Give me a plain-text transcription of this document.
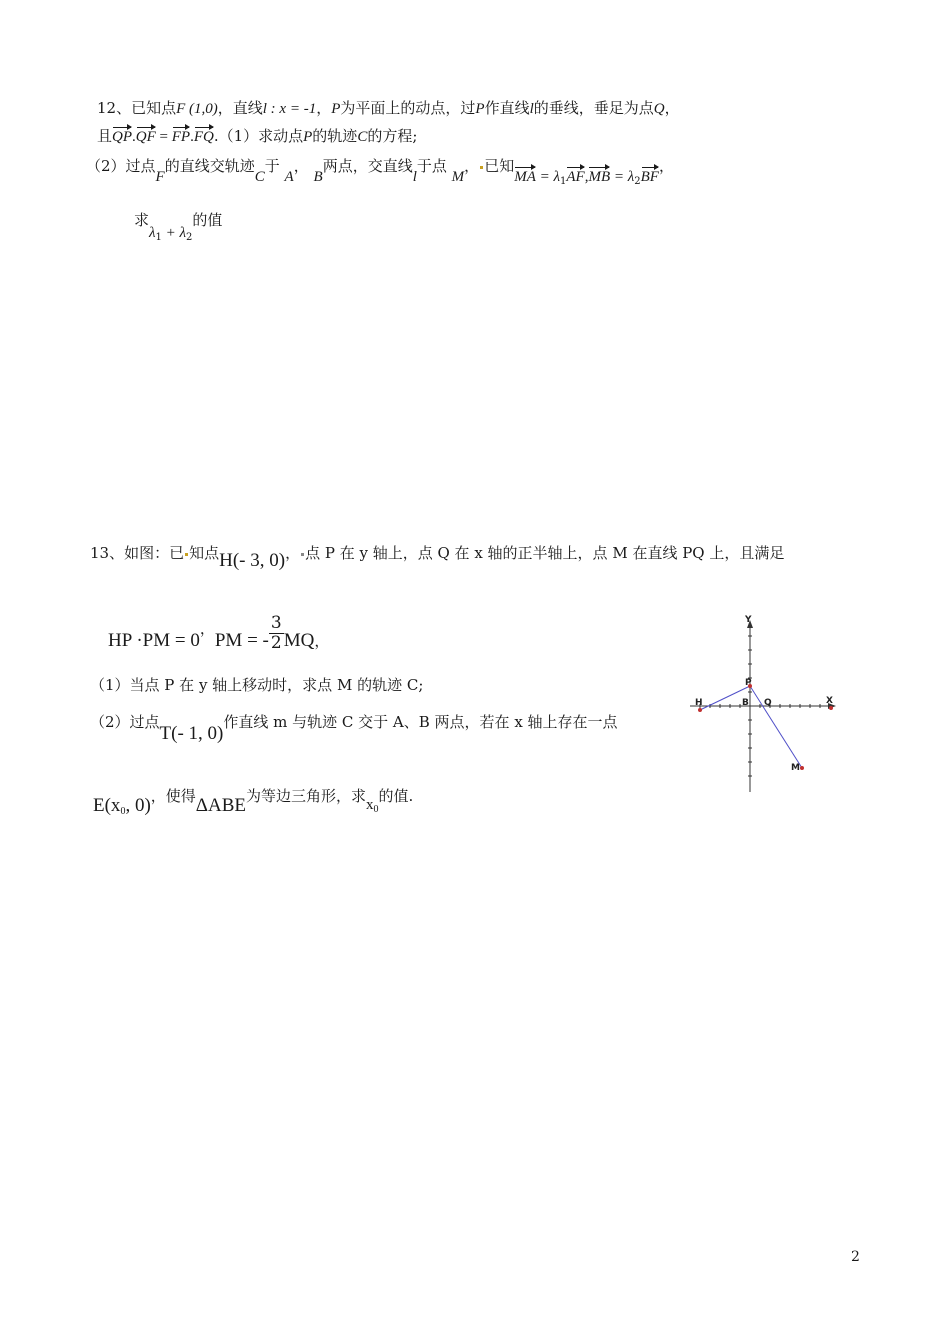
12、已知点F (1,0)，直线l : x = -1，P为平面上的动点，过P作直线l的垂线，垂足为点Q，
且QP.QF = FP.FQ.（1）求动点P的轨迹C的方程;
（2）过点F的直线交轨迹C于 A， B两点，交直线l于点 M， 已知MA = $\lambda_1AF,MB = \lambda_2BF$，
求$\lambda_1 + \lambda_2$的值
13、如图：已 知点H(- 3, 0)， 点 P 在 y 轴上，点 Q 在 x 轴的正半轴上，点 M 在直线 PQ 上，且满足
HP ·PM = 0，PM = - $\frac{3}{2}$ MQ，
（1）当点 P 在 y 轴上移动时，求点 M 的轨迹 C;
（2）过点T(- 1, 0)作直线 m 与轨迹 C 交于 A、B 两点，若在 x 轴上存在一点
$E(x_0$, 0)，使得ΔABE为等边三角形，求$x_0$的值.
Y
X
P
H	B Q
M
2
